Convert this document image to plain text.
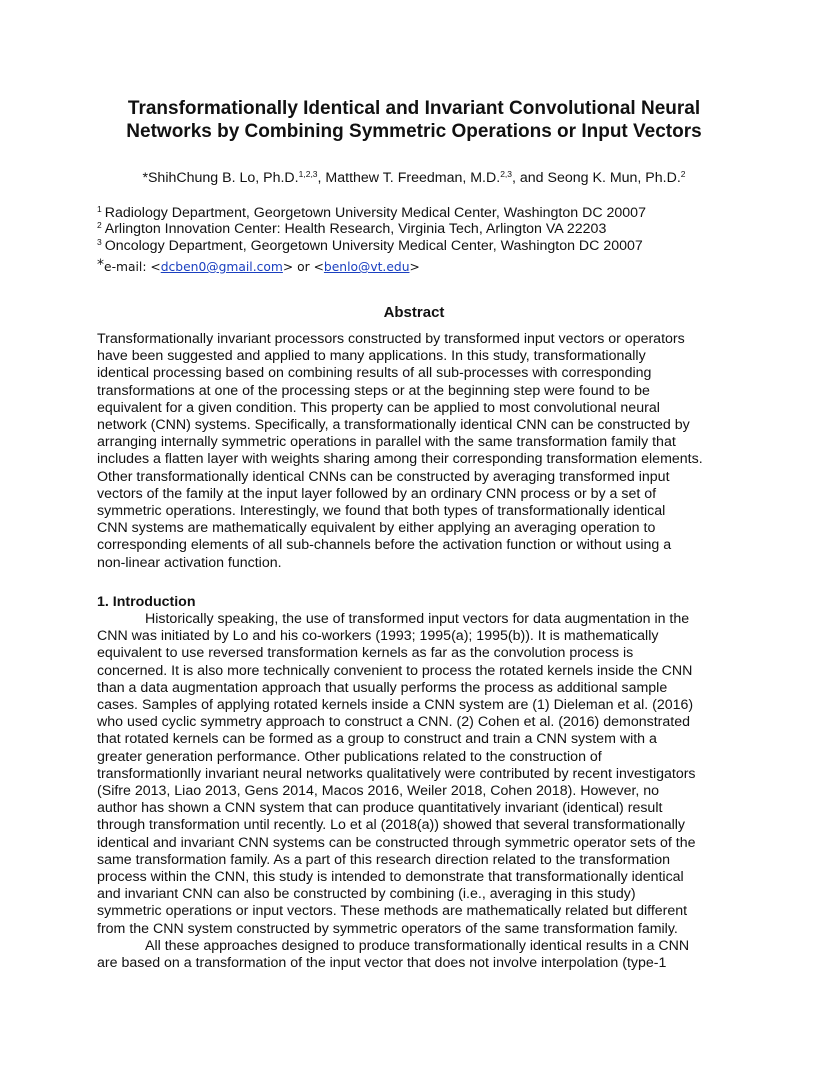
Transformationally Identical and Invariant Convolutional Neural
Networks by Combining Symmetric Operations or Input Vectors
*ShihChung B. Lo, Ph.D.$^{1,2,3}$, Matthew T. Freedman, M.D.$^{2,3}$, and Seong K. Mun, Ph.D.$^2$
$^1$ Radiology Department, Georgetown University Medical Center, Washington DC 20007
$^2$ Arlington Innovation Center: Health Research, Virginia Tech, Arlington VA 22203
$^3$ Oncology Department, Georgetown University Medical Center, Washington DC 20007
*e-mail: <dcben0@gmail.com> or <benlo@vt.edu>
Abstract
Transformationally invariant processors constructed by transformed input vectors or operators
have been suggested and applied to many applications. In this study, transformationally
identical processing based on combining results of all sub-processes with corresponding
transformations at one of the processing steps or at the beginning step were found to be
equivalent for a given condition. This property can be applied to most convolutional neural
network (CNN) systems. Specifically, a transformationally identical CNN can be constructed by
arranging internally symmetric operations in parallel with the same transformation family that
includes a flatten layer with weights sharing among their corresponding transformation elements.
Other transformationally identical CNNs can be constructed by averaging transformed input
vectors of the family at the input layer followed by an ordinary CNN process or by a set of
symmetric operations. Interestingly, we found that both types of transformationally identical
CNN systems are mathematically equivalent by either applying an averaging operation to
corresponding elements of all sub-channels before the activation function or without using a
non-linear activation function.
1. Introduction
Historically speaking, the use of transformed input vectors for data augmentation in the
CNN was initiated by Lo and his co-workers (1993; 1995(a); 1995(b)). It is mathematically
equivalent to use reversed transformation kernels as far as the convolution process is
concerned. It is also more technically convenient to process the rotated kernels inside the CNN
than a data augmentation approach that usually performs the process as additional sample
cases. Samples of applying rotated kernels inside a CNN system are (1) Dieleman et al. (2016)
who used cyclic symmetry approach to construct a CNN. (2) Cohen et al. (2016) demonstrated
that rotated kernels can be formed as a group to construct and train a CNN system with a
greater generation performance. Other publications related to the construction of
transformationlly invariant neural networks qualitatively were contributed by recent investigators
(Sifre 2013, Liao 2013, Gens 2014, Macos 2016, Weiler 2018, Cohen 2018). However, no
author has shown a CNN system that can produce quantitatively invariant (identical) result
through transformation until recently. Lo et al (2018(a)) showed that several transformationally
identical and invariant CNN systems can be constructed through symmetric operator sets of the
same transformation family. As a part of this research direction related to the transformation
process within the CNN, this study is intended to demonstrate that transformationally identical
and invariant CNN can also be constructed by combining (i.e., averaging in this study)
symmetric operations or input vectors. These methods are mathematically related but different
from the CNN system constructed by symmetric operators of the same transformation family.
All these approaches designed to produce transformationally identical results in a CNN
are based on a transformation of the input vector that does not involve interpolation (type-1
